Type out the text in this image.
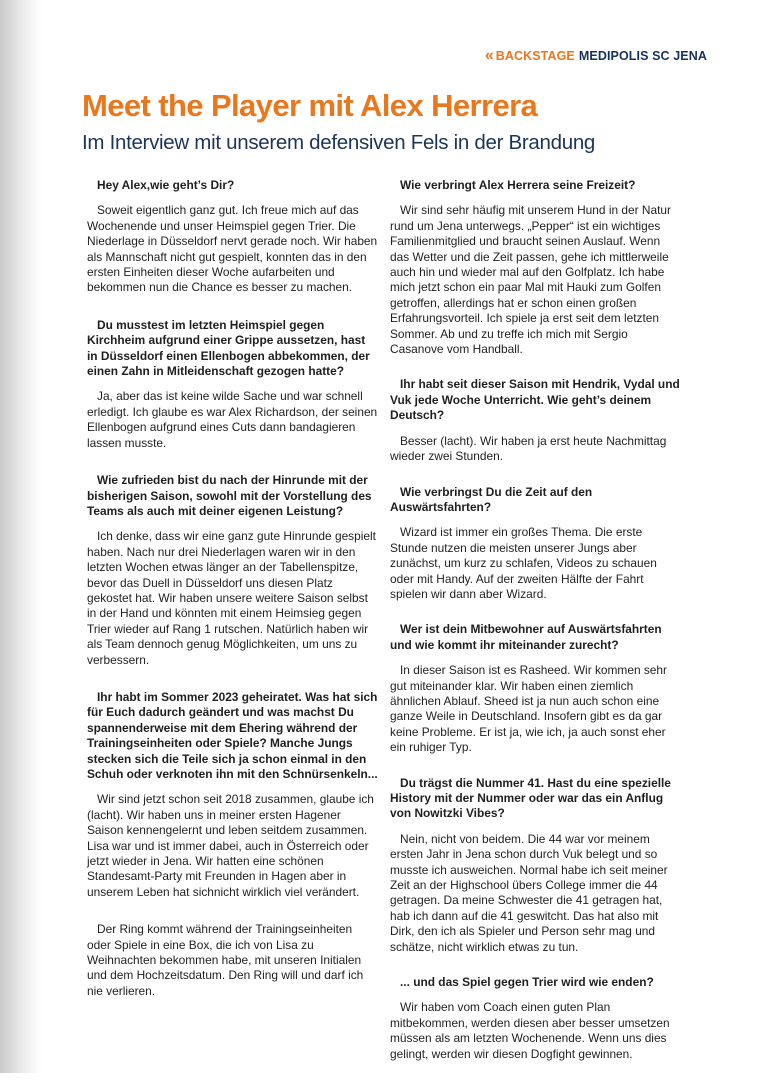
« BACKSTAGE MEDIPOLIS SC JENA
Meet the Player mit Alex Herrera
Im Interview mit unserem defensiven Fels in der Brandung

Hey Alex,wie geht’s Dir?

Soweit eigentlich ganz gut. Ich freue mich auf das Wochenende und unser Heimspiel gegen Trier. Die Niederlage in Düsseldorf nervt gerade noch. Wir haben als Mannschaft nicht gut gespielt, konnten das in den ersten Einheiten dieser Woche aufarbeiten und bekommen nun die Chance es besser zu machen.

Du musstest im letzten Heimspiel gegen Kirchheim aufgrund einer Grippe aussetzen, hast in Düsseldorf einen Ellenbogen abbekommen, der einen Zahn in Mitleidenschaft gezogen hatte?

Ja, aber das ist keine wilde Sache und war schnell erledigt. Ich glaube es war Alex Richardson, der seinen Ellenbogen aufgrund eines Cuts dann bandagieren lassen musste.

Wie zufrieden bist du nach der Hinrunde mit der bisherigen Saison, sowohl mit der Vorstellung des Teams als auch mit deiner eigenen Leistung?

Ich denke, dass wir eine ganz gute Hinrunde gespielt haben. Nach nur drei Niederlagen waren wir in den letzten Wochen etwas länger an der Tabellenspitze, bevor das Duell in Düsseldorf uns diesen Platz gekostet hat. Wir haben unsere weitere Saison selbst in der Hand und könnten mit einem Heimsieg gegen Trier wieder auf Rang 1 rutschen. Natürlich haben wir als Team dennoch genug Möglichkeiten, um uns zu verbessern.

Ihr habt im Sommer 2023 geheiratet. Was hat sich für Euch dadurch geändert und was machst Du spannenderweise mit dem Ehering während der Trainingseinheiten oder Spiele? Manche Jungs stecken sich die Teile sich ja schon einmal in den Schuh oder verknoten ihn mit den Schnürsenkeln...

Wir sind jetzt schon seit 2018 zusammen, glaube ich (lacht). Wir haben uns in meiner ersten Hagener Saison kennengelernt und leben seitdem zusammen. Lisa war und ist immer dabei, auch in Österreich oder jetzt wieder in Jena. Wir hatten eine schönen Standesamt-Party mit Freunden in Hagen aber in unserem Leben hat sichnicht wirklich viel verändert.

Der Ring kommt während der Trainingseinheiten oder Spiele in eine Box, die ich von Lisa zu Weihnachten bekommen habe, mit unseren Initialen und dem Hochzeitsdatum. Den Ring will und darf ich nie verlieren.

Wie verbringt Alex Herrera seine Freizeit?

Wir sind sehr häufig mit unserem Hund in der Natur rund um Jena unterwegs. „Pepper“ ist ein wichtiges Familienmitglied und braucht seinen Auslauf. Wenn das Wetter und die Zeit passen, gehe ich mittlerweile auch hin und wieder mal auf den Golfplatz. Ich habe mich jetzt schon ein paar Mal mit Hauki zum Golfen getroffen, allerdings hat er schon einen großen Erfahrungsvorteil. Ich spiele ja erst seit dem letzten Sommer. Ab und zu treffe ich mich mit Sergio Casanove vom Handball.

Ihr habt seit dieser Saison mit Hendrik, Vydal und Vuk jede Woche Unterricht. Wie geht’s deinem Deutsch?

Besser (lacht). Wir haben ja erst heute Nachmittag wieder zwei Stunden.

Wie verbringst Du die Zeit auf den Auswärtsfahrten?

Wizard ist immer ein großes Thema. Die erste Stunde nutzen die meisten unserer Jungs aber zunächst, um kurz zu schlafen, Videos zu schauen oder mit Handy. Auf der zweiten Hälfte der Fahrt spielen wir dann aber Wizard.

Wer ist dein Mitbewohner auf Auswärtsfahrten und wie kommt ihr miteinander zurecht?

In dieser Saison ist es Rasheed. Wir kommen sehr gut miteinander klar. Wir haben einen ziemlich ähnlichen Ablauf. Sheed ist ja nun auch schon eine ganze Weile in Deutschland. Insofern gibt es da gar keine Probleme. Er ist ja, wie ich, ja auch sonst eher ein ruhiger Typ.

Du trägst die Nummer 41. Hast du eine spezielle History mit der Nummer oder war das ein Anflug von Nowitzki Vibes?

Nein, nicht von beidem. Die 44 war vor meinem ersten Jahr in Jena schon durch Vuk belegt und so musste ich ausweichen. Normal habe ich seit meiner Zeit an der Highschool übers College immer die 44 getragen. Da meine Schwester die 41 getragen hat, hab ich dann auf die 41 geswitcht. Das hat also mit Dirk, den ich als Spieler und Person sehr mag und schätze, nicht wirklich etwas zu tun.

... und das Spiel gegen Trier wird wie enden?

Wir haben vom Coach einen guten Plan mitbekommen, werden diesen aber besser umsetzen müssen als am letzten Wochenende. Wenn uns dies gelingt, werden wir diesen Dogfight gewinnen.
